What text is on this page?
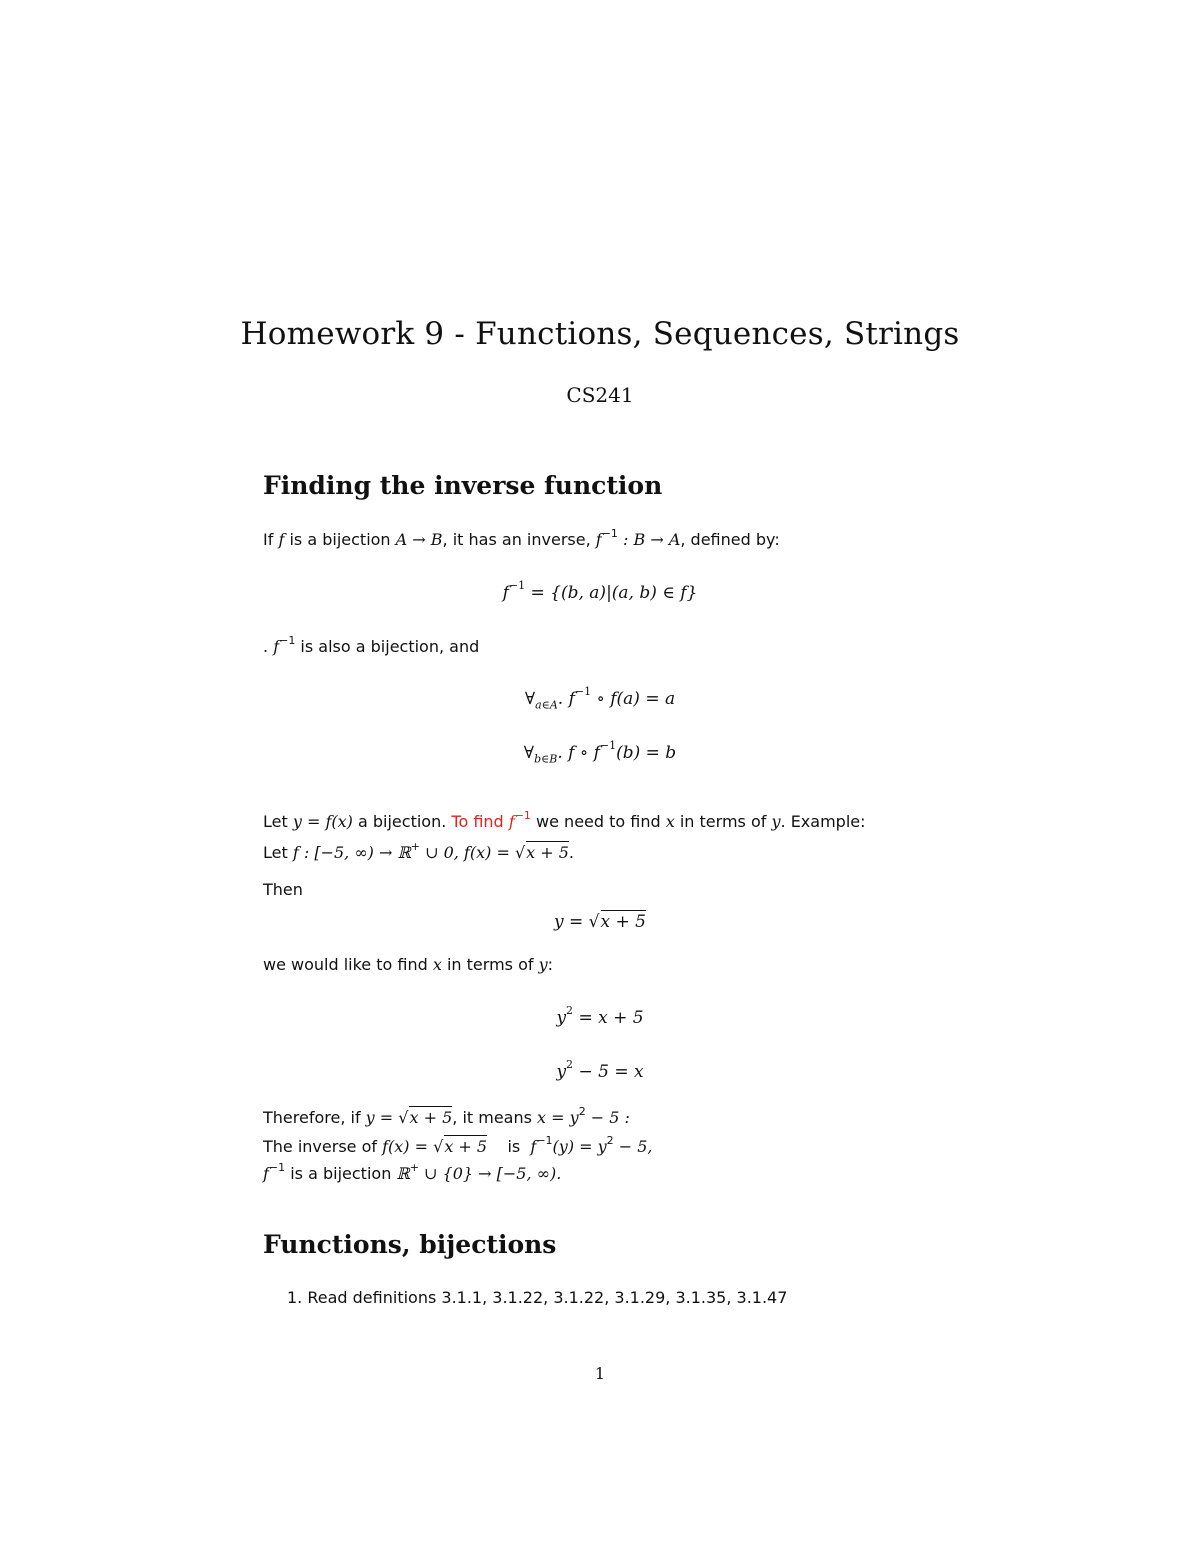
Homework 9 - Functions, Sequences, Strings
CS241
Finding the inverse function
If f is a bijection A → B, it has an inverse, $f^{-1}$ : B → A, defined by:
$f^{-1} = \{(b$, a)|(a, b) ∈ f}
. $f^{-1}$ is also a bijection, and
$\forall_{a\in A}$. $f^{-1}$ ∘ f(a) = a
$\forall_{b\in B}$. f ∘ $f^{-1}(b) = b$
Let y = f(x) a bijection. To find $f^{-1}$ we need to find x in terms of y. Example:
Let f : [−5, ∞) → ℝ+ ∪ 0, f(x) = √x + 5.
Then
y = √x + 5
we would like to find x in terms of y:
$y^2 = x + 5$
$y^2 - 5 = x$
Therefore, if y = √x + 5, it means $x = y^2 - 5$ :
The inverse of f(x) = √x + 5 is $f^{-1}(y) = y^2 - 5$,
$f^{-1}$ is a bijection ℝ+ ∪ {0} → [−5, ∞).
Functions, bijections
1. Read definitions 3.1.1, 3.1.22, 3.1.22, 3.1.29, 3.1.35, 3.1.47
1
